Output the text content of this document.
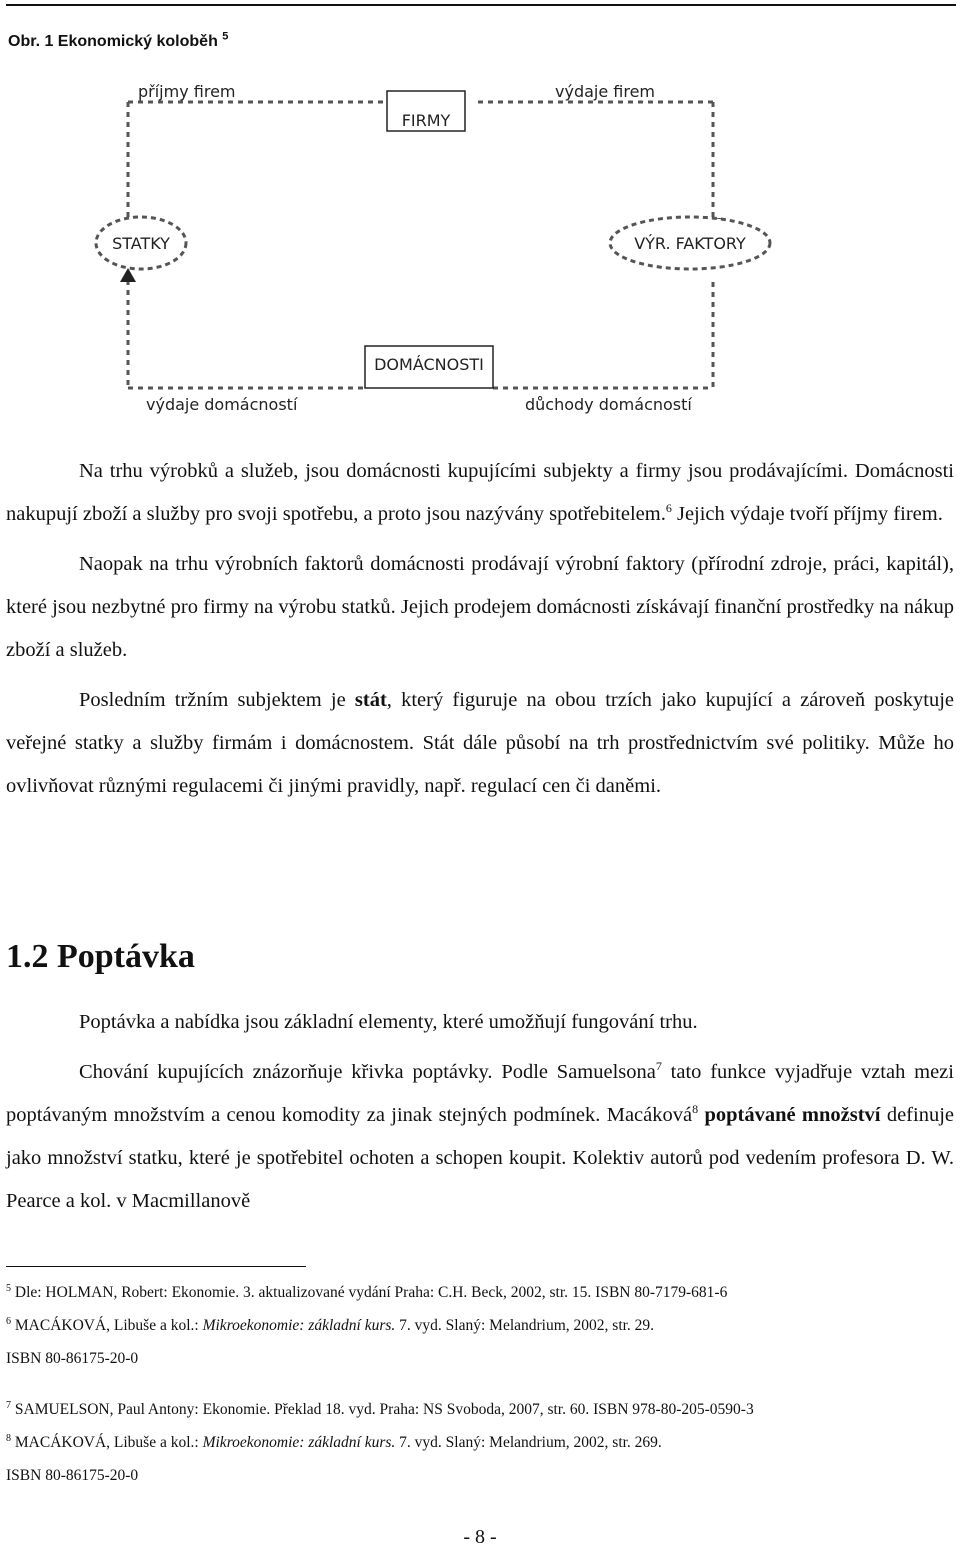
Obr. 1 Ekonomický koloběh $^5$
FIRMY
STATKY	VÝR. FAKTORY
DOMÁCNOSTI
příjmy firem	výdaje firem
výdaje domácností	důchody domácností

Na trhu výrobků a služeb, jsou domácnosti kupujícími subjekty a firmy jsou prodávajícími. Domácnosti nakupují zboží a služby pro svoji spotřebu, a proto jsou nazývány spotřebitelem.$^6$ Jejich výdaje tvoří příjmy firem.

Naopak na trhu výrobních faktorů domácnosti prodávají výrobní faktory (přírodní zdroje, práci, kapitál), které jsou nezbytné pro firmy na výrobu statků. Jejich prodejem domácnosti získávají finanční prostředky na nákup zboží a služeb.

Posledním tržním subjektem je stát, který figuruje na obou trzích jako kupující a zároveň poskytuje veřejné statky a služby firmám i domácnostem. Stát dále působí na trh prostřednictvím své politiky. Může ho ovlivňovat různými regulacemi či jinými pravidly, např. regulací cen či daněmi.

1.2 Poptávka

Poptávka a nabídka jsou základní elementy, které umožňují fungování trhu.

Chování kupujících znázorňuje křivka poptávky. Podle Samuelsona$^7$ tato funkce vyjadřuje vztah mezi poptávaným množstvím a cenou komodity za jinak stejných podmínek. Macáková$^8$ poptávané množství definuje jako množství statku, které je spotřebitel ochoten a schopen koupit. Kolektiv autorů pod vedením profesora D. W. Pearce a kol. v Macmillanově

$^5$ Dle: HOLMAN, Robert: Ekonomie. 3. aktualizované vydání Praha: C.H. Beck, 2002, str. 15. ISBN 80-7179-681-6

$^6$ MACÁKOVÁ, Libuše a kol.: Mikroekonomie: základní kurs. 7. vyd. Slaný: Melandrium, 2002, str. 29.

ISBN 80-86175-20-0

$^7$ SAMUELSON, Paul Antony: Ekonomie. Překlad 18. vyd. Praha: NS Svoboda, 2007, str. 60. ISBN 978-80-205-0590-3

$^8$ MACÁKOVÁ, Libuše a kol.: Mikroekonomie: základní kurs. 7. vyd. Slaný: Melandrium, 2002, str. 269.

ISBN 80-86175-20-0

- 8 -
